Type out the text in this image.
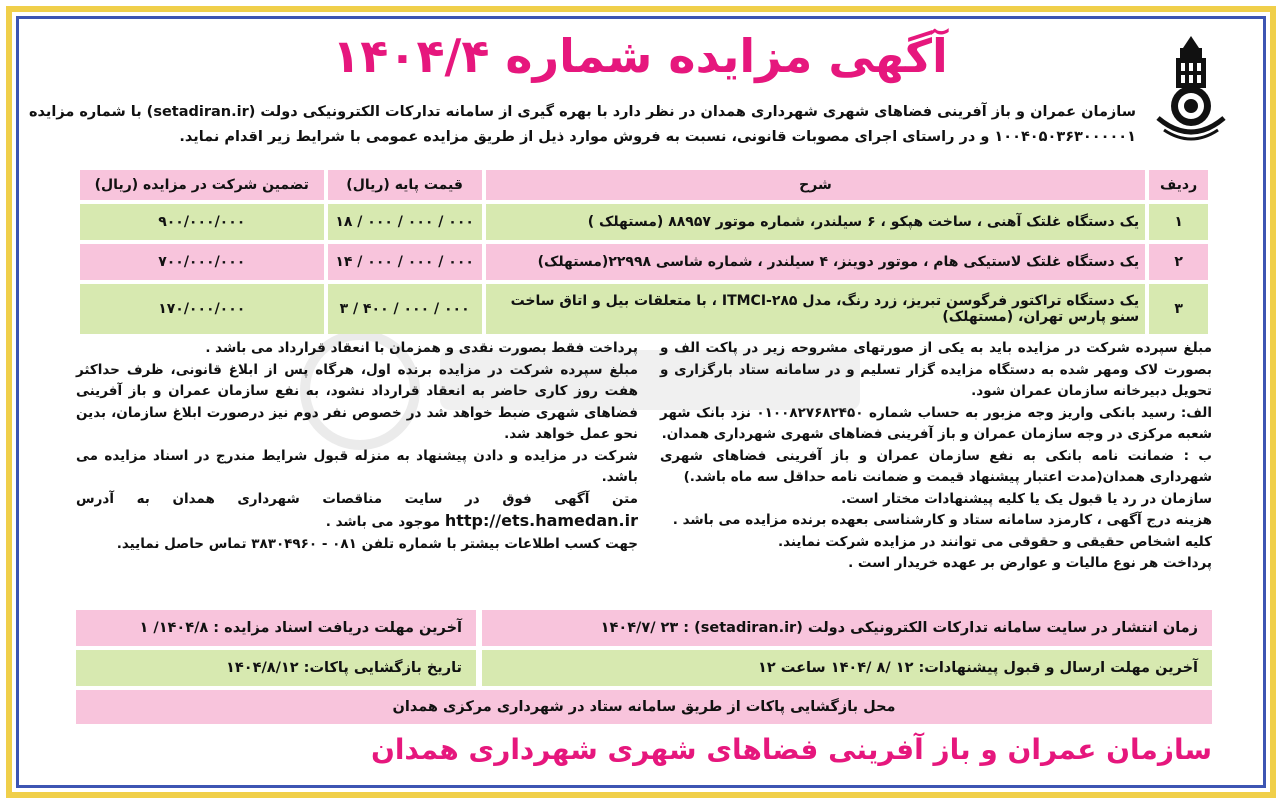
آگهی مزایده شماره ۱۴۰۴/۴

سازمان عمران و باز آفرینی فضاهای شهری شهرداری همدان در نظر دارد با بهره گیری از سامانه تدارکات الکترونیکی دولت (setadiran.ir) با شماره مزایده

۱۰۰۴۰۵۰۳۶۳۰۰۰۰۰۱ و در راستای اجرای مصوبات قانونی، نسبت به فروش موارد ذیل از طریق مزایده عمومی با شرایط زیر اقدام نماید.

ردیف	شرح	قیمت پایه (ریال)	تضمین شرکت در مزایده (ریال)
۱	یک دستگاه غلتک آهنی ، ساخت هپکو ، ۶ سیلندر، شماره موتور ۸۸۹۵۷ (مستهلک )	۱۸ / ۰۰۰ / ۰۰۰ / ۰۰۰	۹۰۰/۰۰۰/۰۰۰
۲	یک دستگاه غلتک لاستیکی هام ، موتور دوینز، ۴ سیلندر ، شماره شاسی ۲۲۹۹۸(مستهلک)	۱۴ / ۰۰۰ / ۰۰۰ / ۰۰۰	۷۰۰/۰۰۰/۰۰۰
۳	یک دستگاه تراکتور فرگوسن تبریز، زرد رنگ، مدل ITMCI-۲۸۵ ، با متعلقات بیل و اتاق ساخت سنو پارس تهران، (مستهلک)	۳ / ۴۰۰ / ۰۰۰ / ۰۰۰	۱۷۰/۰۰۰/۰۰۰

مبلغ سپرده شرکت در مزایده باید به یکی از صورتهای مشروحه زیر در پاکت الف و بصورت لاک ومهر شده به دستگاه مزایده گزار تسلیم و در سامانه ستاد بارگزاری و تحویل دبیرخانه سازمان عمران شود.

الف: رسید بانکی واریز وجه مزبور به حساب شماره ۰۱۰۰۸۲۷۶۸۲۴۵۰ نزد بانک شهر شعبه مرکزی در وجه سازمان عمران و باز آفرینی فضاهای شهری شهرداری همدان.

ب : ضمانت نامه بانکی به نفع سازمان عمران و باز آفرینی فضاهای شهری شهرداری همدان(مدت اعتبار پیشنهاد قیمت و ضمانت نامه حداقل سه ماه باشد.)

سازمان در رد یا قبول یک یا کلیه پیشنهادات مختار است.

هزینه درج آگهی ، کارمزد سامانه ستاد و کارشناسی بعهده برنده مزایده می باشد .

کلیه اشخاص حقیقی و حقوقی می توانند در مزایده شرکت نمایند.

پرداخت هر نوع مالیات و عوارض بر عهده خریدار است .

پرداخت فقط بصورت نقدی و همزمان با انعقاد قرارداد می باشد .

مبلغ سپرده شرکت در مزایده برنده اول، هرگاه پس از ابلاغ قانونی، ظرف حداکثر هفت روز کاری حاضر به انعقاد قرارداد نشود، به نفع سازمان عمران و باز آفرینی فضاهای شهری ضبط خواهد شد در خصوص نفر دوم نیز درصورت ابلاغ سازمان، بدین نحو عمل خواهد شد.

شرکت در مزایده و دادن پیشنهاد به منزله قبول شرایط مندرج در اسناد مزایده می باشد.

متن آگهی فوق در سایت مناقصات شهرداری همدان به آدرس http://ets.hamedan.ir موجود می باشد .

جهت کسب اطلاعات بیشتر با شماره تلفن ۰۸۱ - ۳۸۳۰۴۹۶۰ تماس حاصل نمایید.

زمان انتشار در سایت سامانه تدارکات الکترونیکی دولت (setadiran.ir) : ۱۴۰۴/۷/ ۲۳
آخرین مهلت دریافت اسناد مزایده : ۱۴۰۴/۸/ ۱
آخرین مهلت ارسال و قبول پیشنهادات: ۱۲ /۸ /۱۴۰۴ ساعت ۱۲
تاریخ بازگشایی پاکات: ۱۴۰۴/۸/۱۲
محل بازگشایی پاکات از طریق سامانه ستاد در شهرداری مرکزی همدان
سازمان عمران و باز آفرینی فضاهای شهری شهرداری همدان
